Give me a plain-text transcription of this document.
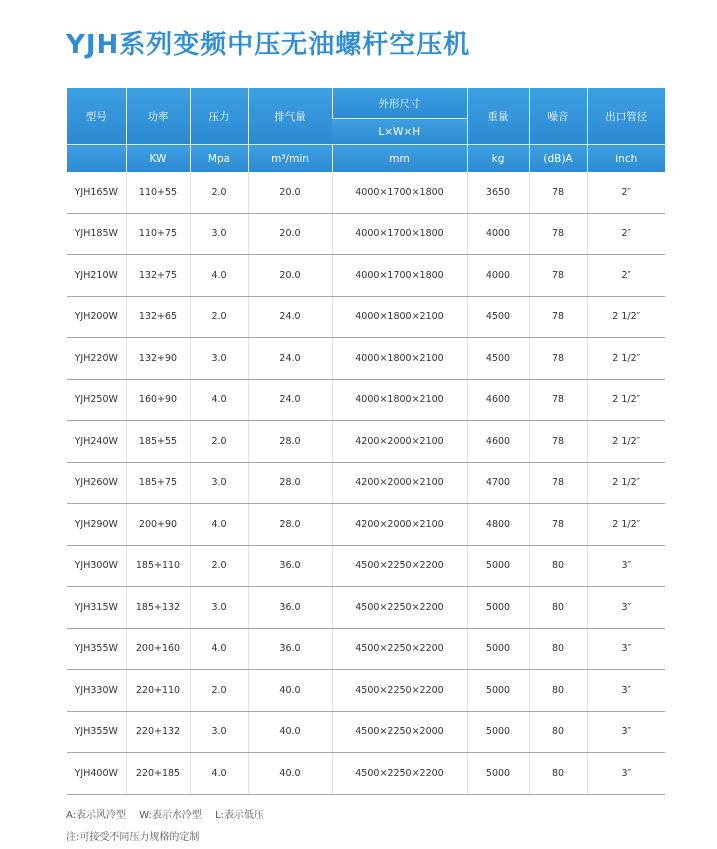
YJH系列变频中压无油螺杆空压机
型号	功率	压力	排气量	外形尺寸	重量	噪音	出口管径
				L×W×H			
	KW	Mpa	m³/min	mm	kg	(dB)A	inch
YJH165W	110+55	2.0	20.0	4000×1700×1800	3650	78	2″
YJH185W	110+75	3.0	20.0	4000×1700×1800	4000	78	2″
YJH210W	132+75	4.0	20.0	4000×1700×1800	4000	78	2″
YJH200W	132+65	2.0	24.0	4000×1800×2100	4500	78	2 1/2″
YJH220W	132+90	3.0	24.0	4000×1800×2100	4500	78	2 1/2″
YJH250W	160+90	4.0	24.0	4000×1800×2100	4600	78	2 1/2″
YJH240W	185+55	2.0	28.0	4200×2000×2100	4600	78	2 1/2″
YJH260W	185+75	3.0	28.0	4200×2000×2100	4700	78	2 1/2″
YJH290W	200+90	4.0	28.0	4200×2000×2100	4800	78	2 1/2″
YJH300W	185+110	2.0	36.0	4500×2250×2200	5000	80	3″
YJH315W	185+132	3.0	36.0	4500×2250×2200	5000	80	3″
YJH355W	200+160	4.0	36.0	4500×2250×2200	5000	80	3″
YJH330W	220+110	2.0	40.0	4500×2250×2200	5000	80	3″
YJH355W	220+132	3.0	40.0	4500×2250×2000	5000	80	3″
YJH400W	220+185	4.0	40.0	4500×2250×2200	5000	80	3″
A:表示风冷型 W:表示水冷型 L:表示低压
注:可接受不同压力规格的定制
